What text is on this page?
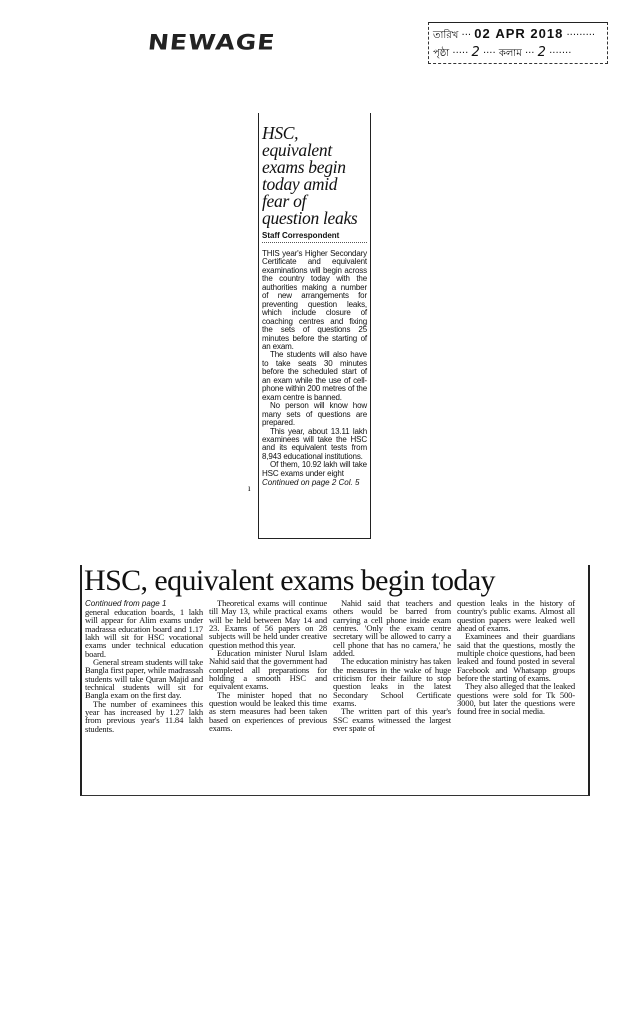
NEWAGE	তারিখ ··· 02 APR 2018 ·········
পৃষ্ঠা ····· 2 ···· কলাম ··· 2 ·······
HSC, equivalent exams begin today amid fear of question leaks
Staff Correspondent

THIS year's Higher Secondary Certificate and equivalent examinations will begin across the country today with the authorities making a number of new arrangements for preventing question leaks, which include closure of coaching centres and fixing the sets of questions 25 minutes before the starting of an exam.

The students will also have to take seats 30 minutes before the scheduled start of an exam while the use of cell-phone within 200 metres of the exam centre is banned.

No person will know how many sets of questions are prepared.

This year, about 13.11 lakh examinees will take the HSC and its equivalent tests from 8,943 educational institutions.

Of them, 10.92 lakh will take HSC exams under eight

Continued on page 2 Col. 5
ı
HSC, equivalent exams begin today
Continued from page 1

general education boards, 1 lakh will appear for Alim exams under madrassa education board and 1.17 lakh will sit for HSC vocational exams under technical education board.

General stream students will take Bangla first paper, while madrassah students will take Quran Majid and technical students will sit for Bangla exam on the first day.

The number of examinees this year has increased by 1.27 lakh from previous year's 11.84 lakh students.

Theoretical exams will continue till May 13, while practical exams will be held between May 14 and 23. Exams of 56 papers on 28 subjects will be held under creative question method this year.

Education minister Nurul Islam Nahid said that the government had completed all preparations for holding a smooth HSC and equivalent exams.

The minister hoped that no question would be leaked this time as stern measures had been taken based on experiences of previous exams.

Nahid said that teachers and others would be barred from carrying a cell phone inside exam centres. 'Only the exam centre secretary will be allowed to carry a cell phone that has no camera,' he added.

The education ministry has taken the measures in the wake of huge criticism for their failure to stop question leaks in the latest Secondary School Certificate exams.

The written part of this year's SSC exams witnessed the largest ever spate of

question leaks in the history of country's public exams. Almost all question papers were leaked well ahead of exams.

Examinees and their guardians said that the questions, mostly the multiple choice questions, had been leaked and found posted in several Facebook and Whatsapp groups before the starting of exams.

They also alleged that the leaked questions were sold for Tk 500-3000, but later the questions were found free in social media.
